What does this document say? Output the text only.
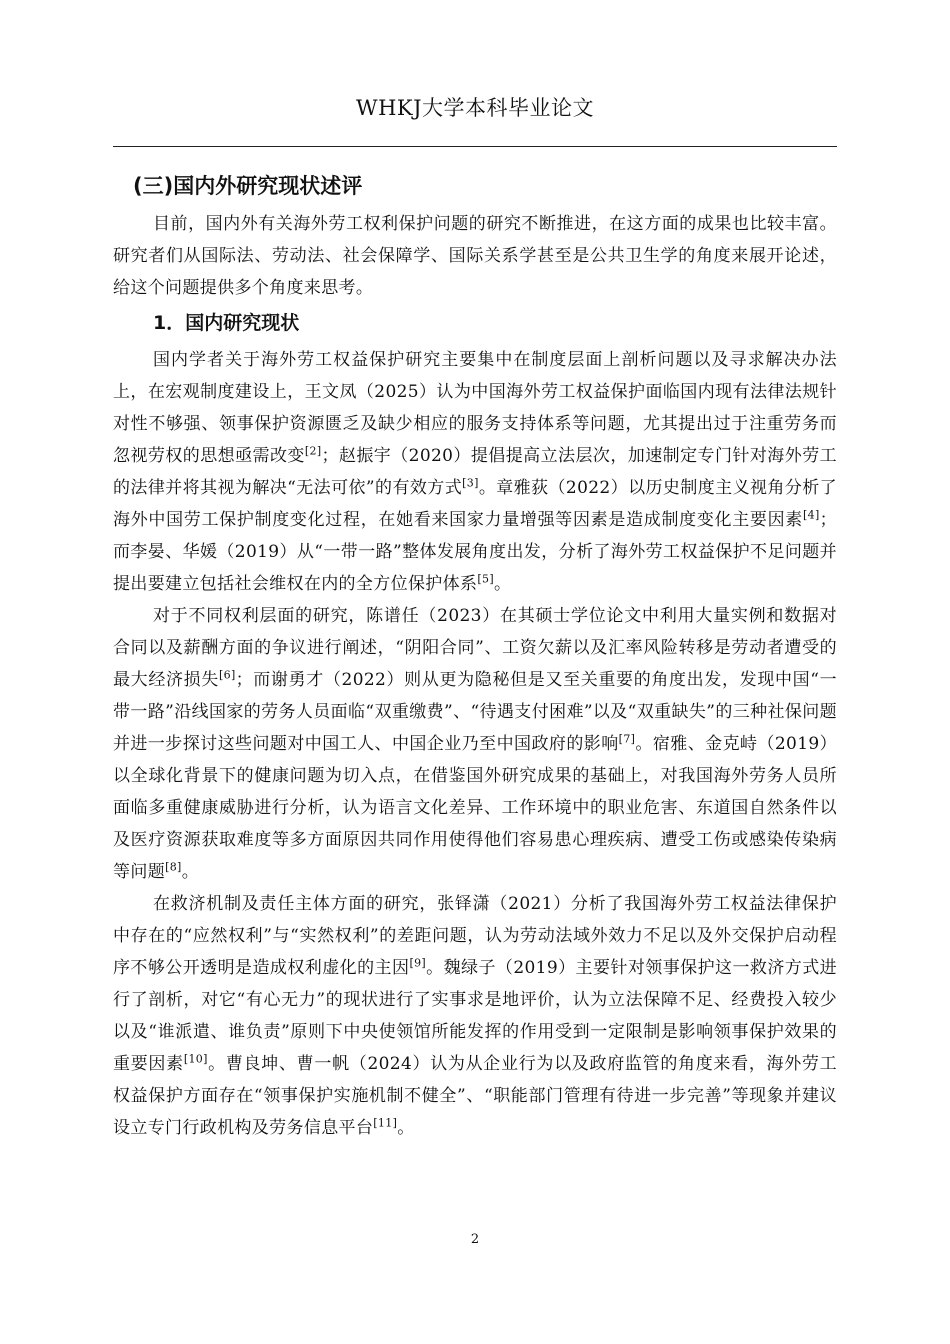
WHKJ大学本科毕业论文
(三)国内外研究现状述评

目前，国内外有关海外劳工权利保护问题的研究不断推进，在这方面的成果也比较丰富。研究者们从国际法、劳动法、社会保障学、国际关系学甚至是公共卫生学的角度来展开论述，给这个问题提供多个角度来思考。

1．国内研究现状

国内学者关于海外劳工权益保护研究主要集中在制度层面上剖析问题以及寻求解决办法上，在宏观制度建设上，王文凤（2025）认为中国海外劳工权益保护面临国内现有法律法规针对性不够强、领事保护资源匮乏及缺少相应的服务支持体系等问题，尤其提出过于注重劳务而忽视劳权的思想亟需改变[2]；赵振宇（2020）提倡提高立法层次，加速制定专门针对海外劳工的法律并将其视为解决“无法可依”的有效方式[3]。章雅荻（2022）以历史制度主义视角分析了海外中国劳工保护制度变化过程，在她看来国家力量增强等因素是造成制度变化主要因素[4]；而李晏、华媛（2019）从“一带一路”整体发展角度出发，分析了海外劳工权益保护不足问题并提出要建立包括社会维权在内的全方位保护体系[5]。

对于不同权利层面的研究，陈谱任（2023）在其硕士学位论文中利用大量实例和数据对合同以及薪酬方面的争议进行阐述，“阴阳合同”、工资欠薪以及汇率风险转移是劳动者遭受的最大经济损失[6]；而谢勇才（2022）则从更为隐秘但是又至关重要的角度出发，发现中国“一带一路”沿线国家的劳务人员面临“双重缴费”、“待遇支付困难”以及“双重缺失”的三种社保问题并进一步探讨这些问题对中国工人、中国企业乃至中国政府的影响[7]。宿雅、金克峙（2019）以全球化背景下的健康问题为切入点，在借鉴国外研究成果的基础上，对我国海外劳务人员所面临多重健康威胁进行分析，认为语言文化差异、工作环境中的职业危害、东道国自然条件以及医疗资源获取难度等多方面原因共同作用使得他们容易患心理疾病、遭受工伤或感染传染病等问题[8]。

在救济机制及责任主体方面的研究，张铎潇（2021）分析了我国海外劳工权益法律保护中存在的“应然权利”与“实然权利”的差距问题，认为劳动法域外效力不足以及外交保护启动程序不够公开透明是造成权利虚化的主因[9]。魏绿子（2019）主要针对领事保护这一救济方式进行了剖析，对它“有心无力”的现状进行了实事求是地评价，认为立法保障不足、经费投入较少以及“谁派遣、谁负责”原则下中央使领馆所能发挥的作用受到一定限制是影响领事保护效果的重要因素[10]。曹良坤、曹一帆（2024）认为从企业行为以及政府监管的角度来看，海外劳工权益保护方面存在“领事保护实施机制不健全”、“职能部门管理有待进一步完善”等现象并建议设立专门行政机构及劳务信息平台[11]。

2
